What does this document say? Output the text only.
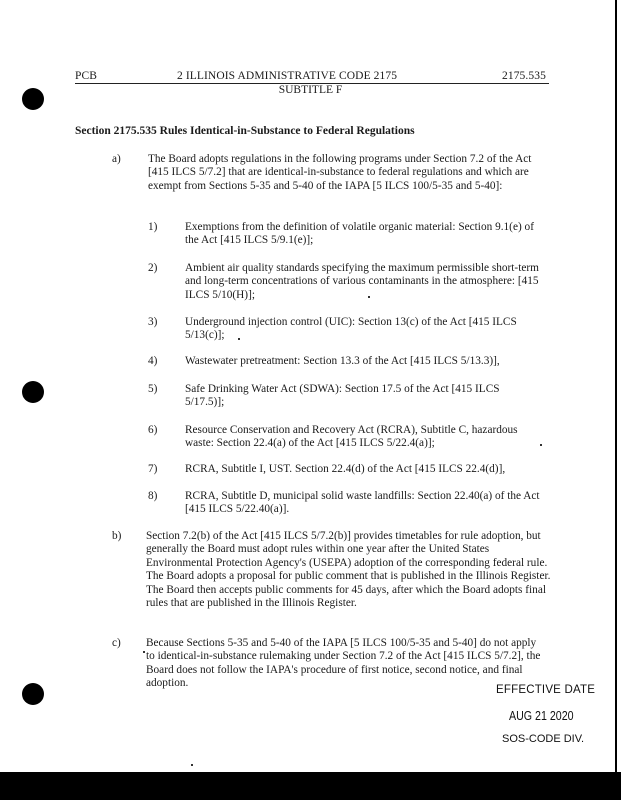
PCB	2 ILLINOIS ADMINISTRATIVE CODE 2175	2175.535
SUBTITLE F
Section 2175.535 Rules Identical-in-Substance to Federal Regulations
a) The Board adopts regulations in the following programs under Section 7.2 of the Act [415 ILCS 5/7.2] that are identical-in-substance to federal regulations and which are exempt from Sections 5-35 and 5-40 of the IAPA [5 ILCS 100/5-35 and 5-40]:
1) Exemptions from the definition of volatile organic material: Section 9.1(e) of the Act [415 ILCS 5/9.1(e)];
2) Ambient air quality standards specifying the maximum permissible short-term and long-term concentrations of various contaminants in the atmosphere: [415 ILCS 5/10(H)];
3) Underground injection control (UIC): Section 13(c) of the Act [415 ILCS 5/13(c)];
4) Wastewater pretreatment: Section 13.3 of the Act [415 ILCS 5/13.3)],
5) Safe Drinking Water Act (SDWA): Section 17.5 of the Act [415 ILCS 5/17.5)];
6) Resource Conservation and Recovery Act (RCRA), Subtitle C, hazardous waste: Section 22.4(a) of the Act [415 ILCS 5/22.4(a)];
7) RCRA, Subtitle I, UST. Section 22.4(d) of the Act [415 ILCS 22.4(d)],
8) RCRA, Subtitle D, municipal solid waste landfills: Section 22.40(a) of the Act [415 ILCS 5/22.40(a)].
b) Section 7.2(b) of the Act [415 ILCS 5/7.2(b)] provides timetables for rule adoption, but generally the Board must adopt rules within one year after the United States Environmental Protection Agency's (USEPA) adoption of the corresponding federal rule. The Board adopts a proposal for public comment that is published in the Illinois Register. The Board then accepts public comments for 45 days, after which the Board adopts final rules that are published in the Illinois Register.
c) Because Sections 5-35 and 5-40 of the IAPA [5 ILCS 100/5-35 and 5-40] do not apply to identical-in-substance rulemaking under Section 7.2 of the Act [415 ILCS 5/7.2], the Board does not follow the IAPA's procedure of first notice, second notice, and final adoption.
EFFECTIVE DATE
AUG 21 2020
SOS-CODE DIV.
